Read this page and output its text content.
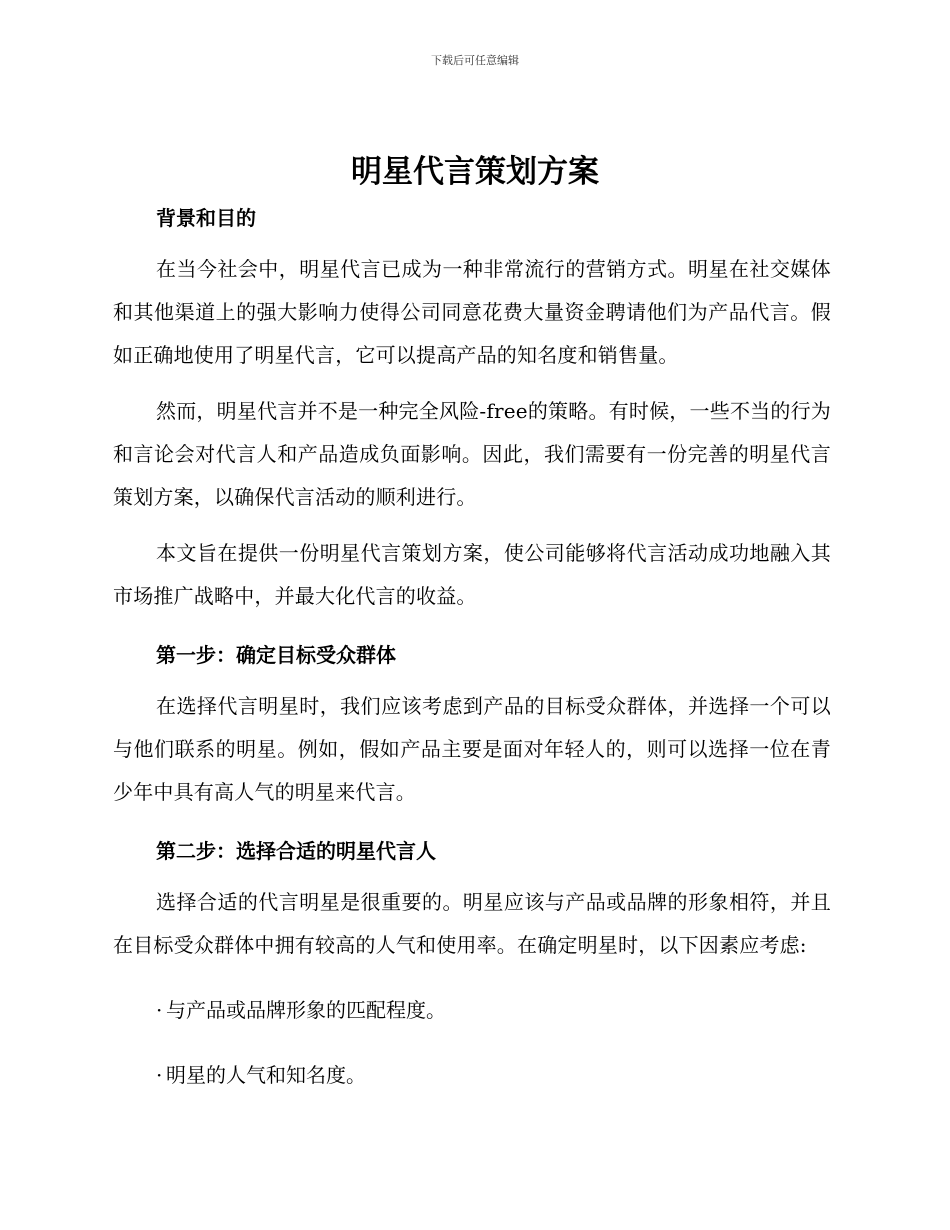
下载后可任意编辑
明星代言策划方案
背景和目的

在当今社会中，明星代言已成为一种非常流行的营销方式。明星在社交媒体和其他渠道上的强大影响力使得公司同意花费大量资金聘请他们为产品代言。假如正确地使用了明星代言，它可以提高产品的知名度和销售量。

然而，明星代言并不是一种完全风险-free的策略。有时候，一些不当的行为和言论会对代言人和产品造成负面影响。因此，我们需要有一份完善的明星代言策划方案，以确保代言活动的顺利进行。

本文旨在提供一份明星代言策划方案，使公司能够将代言活动成功地融入其市场推广战略中，并最大化代言的收益。

第一步：确定目标受众群体

在选择代言明星时，我们应该考虑到产品的目标受众群体，并选择一个可以与他们联系的明星。例如，假如产品主要是面对年轻人的，则可以选择一位在青少年中具有高人气的明星来代言。

第二步：选择合适的明星代言人

选择合适的代言明星是很重要的。明星应该与产品或品牌的形象相符，并且在目标受众群体中拥有较高的人气和使用率。在确定明星时，以下因素应考虑:

· 与产品或品牌形象的匹配程度。

· 明星的人气和知名度。
